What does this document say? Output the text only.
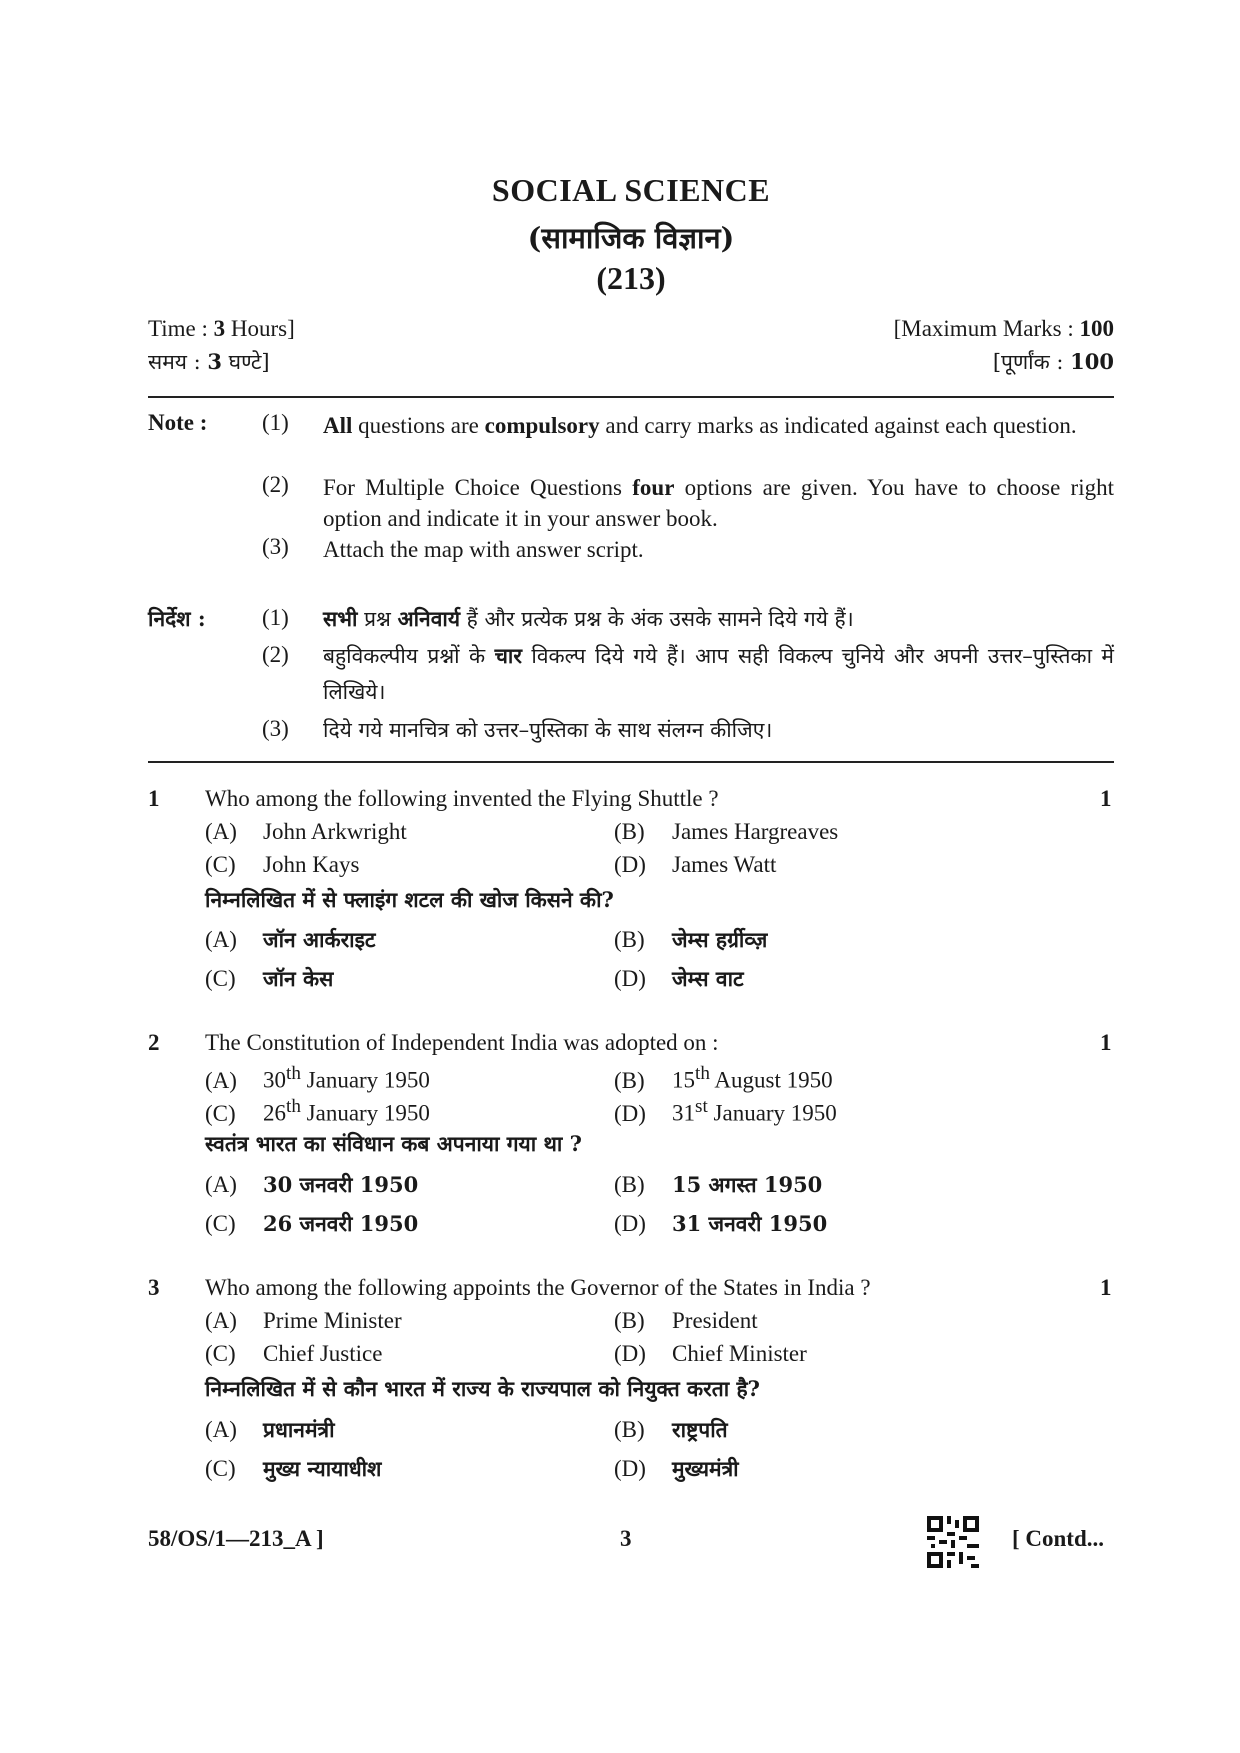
SOCIAL SCIENCE
(सामाजिक विज्ञान)
(213)
Time : 3 Hours]
समय : 3 घण्टे]
[Maximum Marks : 100
[पूर्णांक : 100
Note : (1) All questions are compulsory and carry marks as indicated against each question.
(2) For Multiple Choice Questions four options are given. You have to choose right option and indicate it in your answer book.
(3) Attach the map with answer script.
निर्देश : (1) सभी प्रश्न अनिवार्य हैं और प्रत्येक प्रश्न के अंक उसके सामने दिये गये हैं।
(2) बहुविकल्पीय प्रश्नों के चार विकल्प दिये गये हैं। आप सही विकल्प चुनिये और अपनी उत्तर–पुस्तिका में लिखिये।
(3) दिये गये मानचित्र को उत्तर–पुस्तिका के साथ संलग्न कीजिए।
1 Who among the following invented the Flying Shuttle ?	1
(A) John Arkwright	(B) James Hargreaves
(C) John Kays	(D) James Watt
निम्नलिखित में से फ्लाइंग शटल की खोज किसने की?
(A) जॉन आर्कराइट	(B) जेम्स हर्ग्रीव्ज़
(C) जॉन केस	(D) जेम्स वाट
2 The Constitution of Independent India was adopted on :	1
(A) 30th January 1950	(B) 15th August 1950
(C) 26th January 1950	(D) 31st January 1950
स्वतंत्र भारत का संविधान कब अपनाया गया था ?
(A) 30 जनवरी 1950	(B) 15 अगस्त 1950
(C) 26 जनवरी 1950	(D) 31 जनवरी 1950
3 Who among the following appoints the Governor of the States in India ?	1
(A) Prime Minister	(B) President
(C) Chief Justice	(D) Chief Minister
निम्नलिखित में से कौन भारत में राज्य के राज्यपाल को नियुक्त करता है?
(A) प्रधानमंत्री	(B) राष्ट्रपति
(C) मुख्य न्यायाधीश	(D) मुख्यमंत्री
58/OS/1—213_A ]	3	[ Contd...
